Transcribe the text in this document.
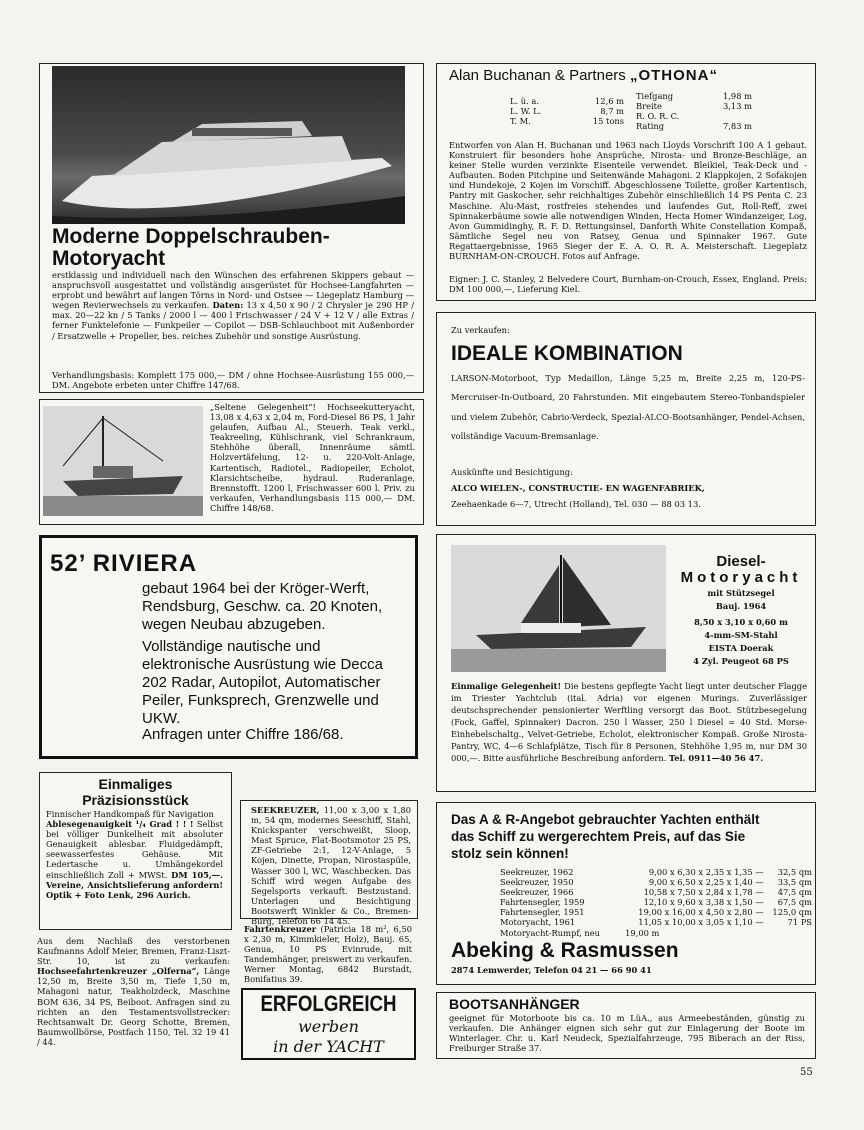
Moderne Doppelschrauben-Motoryacht

erstklassig und individuell nach den Wünschen des erfahrenen Skippers gebaut — anspruchsvoll ausgestattet und vollständig ausgerüstet für Hochsee-Langfahrten — erprobt und bewährt auf langen Törns in Nord- und Ostsee — Liegeplatz Hamburg — wegen Revierwechsels zu verkaufen. Daten: 13 x 4,50 x 90 / 2 Chrysler je 290 HP / max. 20—22 kn / 5 Tanks / 2000 l — 400 l Frischwasser / 24 V + 12 V / alle Extras / ferner Funktelefonie — Funkpeiler — Copilot — DSB-Schlauchboot mit Außenborder / Ersatzwelle + Propeller, bes. reiches Zubehör und sonstige Ausrüstung.

Verhandlungsbasis: Komplett 175 000,— DM / ohne Hochsee-Ausrüstung 155 000,— DM. Angebote erbeten unter Chiffre 147/68.

„Seltene Gelegenheit“! Hochseekutteryacht, 13,08 x 4,63 x 2,04 m, Ford-Diesel 86 PS, 1 Jahr gelaufen, Aufbau Al., Steuerh. Teak verkl., Teakreeling, Kühlschrank, viel Schrankraum, Stehhöhe überall, Innenräume sämtl. Holzvertäfelung, 12- u. 220-Volt-Anlage, Kartentisch, Radiotel., Radiopeiler, Echolot, Klarsichtscheibe, hydraul. Ruderanlage, Brennstofft. 1200 l, Frischwasser 600 l. Priv. zu verkaufen, Verhandlungsbasis 115 000,— DM. Chiffre 148/68.

52’ RIVIERA

gebaut 1964 bei der Kröger-Werft, Rendsburg, Geschw. ca. 20 Knoten, wegen Neubau abzugeben.

Vollständige nautische und elektronische Ausrüstung wie Decca 202 Radar, Autopilot, Automatischer Peiler, Funksprech, Grenzwelle und UKW.

Anfragen unter Chiffre 186/68.

Einmaliges
Präzisionsstück

Finnischer Handkompaß für Navigation
Ablesegenauigkeit ¹/₄ Grad ! ! ! Selbst bei völliger Dunkelheit mit absoluter Genauigkeit ablesbar. Fluidgedämpft, seewasserfestes Gehäuse. Mit Ledertasche u. Umhängekordel einschließlich Zoll + MWSt. DM 105,—. Vereine, Ansichtslieferung anfordern! Optik + Foto Lenk, 296 Aurich.

Aus dem Nachlaß des verstorbenen Kaufmanns Adolf Meier, Bremen, Franz-Liszt-Str. 10, ist zu verkaufen: Hochseefahrtenkreuzer „Olferna“, Länge 12,50 m, Breite 3,50 m, Tiefe 1,50 m, Mahagoni natur, Teakholzdeck, Maschine BOM 636, 34 PS, Beiboot. Anfragen sind zu richten an den Testamentsvollstrecker: Rechtsanwalt Dr. Georg Schotte, Bremen, Baumwollbörse, Postfach 1150, Tel. 32 19 41 / 44.

SEEKREUZER, 11,00 x 3,00 x 1,80 m, 54 qm, modernes Seeschiff, Stahl, Knickspanter verschweißt, Sloop, Mast Spruce, Flat-Bootsmotor 25 PS, ZF-Getriebe 2:1, 12-V-Anlage, 5 Kojen, Dinette, Propan, Nirostaspüle, Wasser 300 l, WC, Waschbecken. Das Schiff wird wegen Aufgabe des Segelsports verkauft. Bestzustand. Unterlagen und Besichtigung Bootswerft Winkler & Co., Bremen-Burg, Telefon 66 14 45.

Fahrtenkreuzer (Patricia 18 m², 6,50 x 2,30 m, Kimmkieler, Holz), Bauj. 65, Genua, 10 PS Evinrude, mit Tandemhänger, preiswert zu verkaufen. Werner Montag, 6842 Burstadt, Bonifatius 39.

ERFOLGREICH
werben
in der YACHT
Alan Buchanan & Partners „OTHONA“
L. ü. a.	12,6 m
L. W. L.	8,7 m
T. M.	15 tons
Tiefgang	1,98 m
Breite	3,13 m
R. O. R. C.	
Rating	7,83 m

Entworfen von Alan H. Buchanan und 1963 nach Lloyds Vorschrift 100 A 1 gebaut. Konstruiert für besonders hohe Ansprüche, Nirosta- und Bronze-Beschläge, an keiner Stelle wurden verzinkte Eisenteile verwendet. Bleikiel, Teak-Deck und -Aufbauten. Boden Pitchpine und Seitenwände Mahagoni. 2 Klappkojen, 2 Sofakojen und Hundekoje, 2 Kojen im Vorschiff. Abgeschlossene Toilette, großer Kartentisch, Pantry mit Gaskocher, sehr reichhaltiges Zubehör einschließlich 14 PS Penta C. 23 Maschine. Alu-Mast, rostfreies stehendes und laufendes Gut, Roll-Reff, zwei Spinnakerbäume sowie alle notwendigen Winden, Hecta Homer Windanzeiger, Log, Avon Gummidinghy, R. F. D. Rettungsinsel, Danforth White Constellation Kompaß, Sämtliche Segel neu von Ratsey, Genua und Spinnaker 1967. Gute Regattaergebnisse, 1965 Sieger der E. A. O. R. A. Meisterschaft. Liegeplatz BURNHAM-ON-CROUCH. Fotos auf Anfrage.

Eigner: J. C. Stanley, 2 Belvedere Court, Burnham-on-Crouch, Essex, England. Preis: DM 100 000,—, Lieferung Kiel.

Zu verkaufen:
IDEALE KOMBINATION

LARSON-Motorboot, Typ Medaillon, Länge 5,25 m, Breite 2,25 m, 120-PS-Mercruiser-In-Outboard, 20 Fahrstunden. Mit eingebautem Stereo-Tonbandspieler und vielem Zubehör, Cabrio-Verdeck, Spezial-ALCO-Bootsanhänger, Pendel-Achsen, vollständige Vacuum-Bremsanlage.

Auskünfte und Besichtigung:
ALCO WIELEN-, CONSTRUCTIE- EN WAGENFABRIEK,
Zeehaenkade 6—7, Utrecht (Holland), Tel. 030 — 88 03 13.
Diesel-
Motoryacht
mit Stützsegel
Bauj. 1964
8,50 x 3,10 x 0,60 m
4-mm-SM-Stahl
EISTA Doerak
4 Zyl. Peugeot 68 PS

Einmalige Gelegenheit! Die bestens gepflegte Yacht liegt unter deutscher Flagge im Triester Yachtclub (ital. Adria) vor eigenen Murings. Zuverlässiger deutschsprechender pensionierter Werftling versorgt das Boot. Stützbesegelung (Fock, Gaffel, Spinnaker) Dacron. 250 l Wasser, 250 l Diesel = 40 Std. Morse-Einhebelschaltg., Velvet-Getriebe, Echolot, elektronischer Kompaß. Große Nirosta-Pantry, WC, 4—6 Schlafplätze, Tisch für 8 Personen, Stehhöhe 1,95 m, nur DM 30 000,—. Bitte ausführliche Beschreibung anfordern. Tel. 0911—40 56 47.

Das A & R-Angebot gebrauchter Yachten enthält das Schiff zu wergerechtem Preis, auf das Sie stolz sein können!

Seekreuzer, 1962	9,00 x 6,30 x 2,35 x 1,35 —	32,5 qm
Seekreuzer, 1950	9,00 x 6,50 x 2,25 x 1,40 —	33,5 qm
Seekreuzer, 1966	10,58 x 7,50 x 2,84 x 1,78 —	47,5 qm
Fahrtensegler, 1959	12,10 x 9,60 x 3,38 x 1,50 —	67,5 qm
Fahrtensegler, 1951	19,00 x 16,00 x 4,50 x 2,80 —	125,0 qm
Motoryacht, 1961	11,05 x 10,00 x 3,05 x 1,10 —	71 PS
Motoryacht-Rumpf, neu	19,00 m	
Abeking & Rasmussen
2874 Lemwerder, Telefon 04 21 — 66 90 41
BOOTSANHÄNGER

geeignet für Motorboote bis ca. 10 m LüA., aus Armeebeständen, günstig zu verkaufen. Die Anhänger eignen sich sehr gut zur Einlagerung der Boote im Winterlager. Chr. u. Karl Neudeck, Spezialfahrzeuge, 795 Biberach an der Riss, Freiburger Straße 37.

55
